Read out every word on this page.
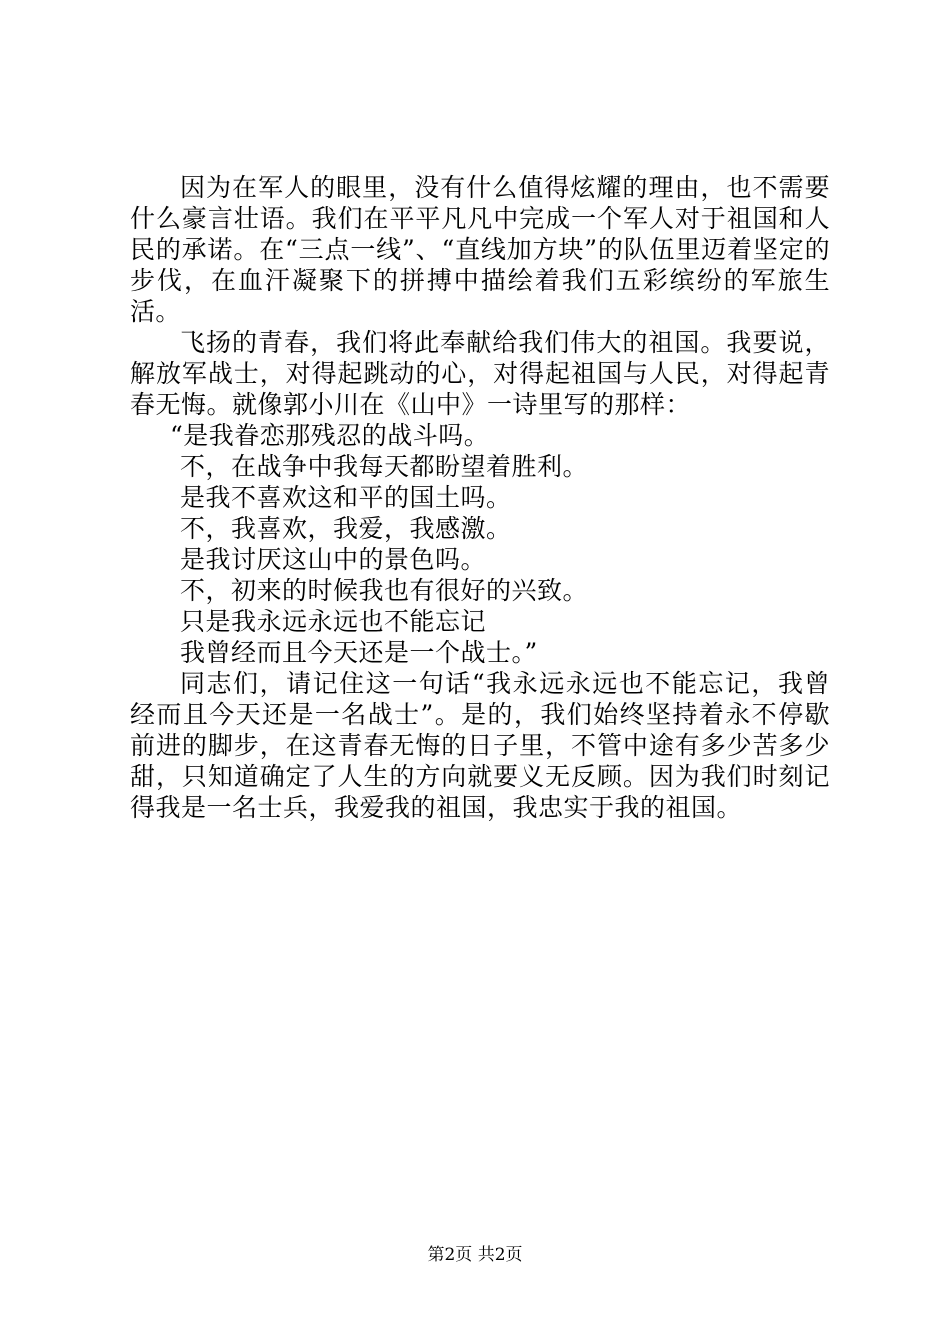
因为在军人的眼里，没有什么值得炫耀的理由，也不需要什么豪言壮语。我们在平平凡凡中完成一个军人对于祖国和人民的承诺。在“三点一线”、“直线加方块”的队伍里迈着坚定的步伐，在血汗凝聚下的拼搏中描绘着我们五彩缤纷的军旅生活。

飞扬的青春，我们将此奉献给我们伟大的祖国。我要说，解放军战士，对得起跳动的心，对得起祖国与人民，对得起青春无悔。就像郭小川在《山中》一诗里写的那样：

“是我眷恋那残忍的战斗吗。

不，在战争中我每天都盼望着胜利。

是我不喜欢这和平的国土吗。

不，我喜欢，我爱，我感激。

是我讨厌这山中的景色吗。

不，初来的时候我也有很好的兴致。

只是我永远永远也不能忘记

我曾经而且今天还是一个战士。”

同志们，请记住这一句话“我永远永远也不能忘记，我曾经而且今天还是一名战士”。是的，我们始终坚持着永不停歇前进的脚步，在这青春无悔的日子里，不管中途有多少苦多少甜，只知道确定了人生的方向就要义无反顾。因为我们时刻记得我是一名士兵，我爱我的祖国，我忠实于我的祖国。

第2页 共2页
